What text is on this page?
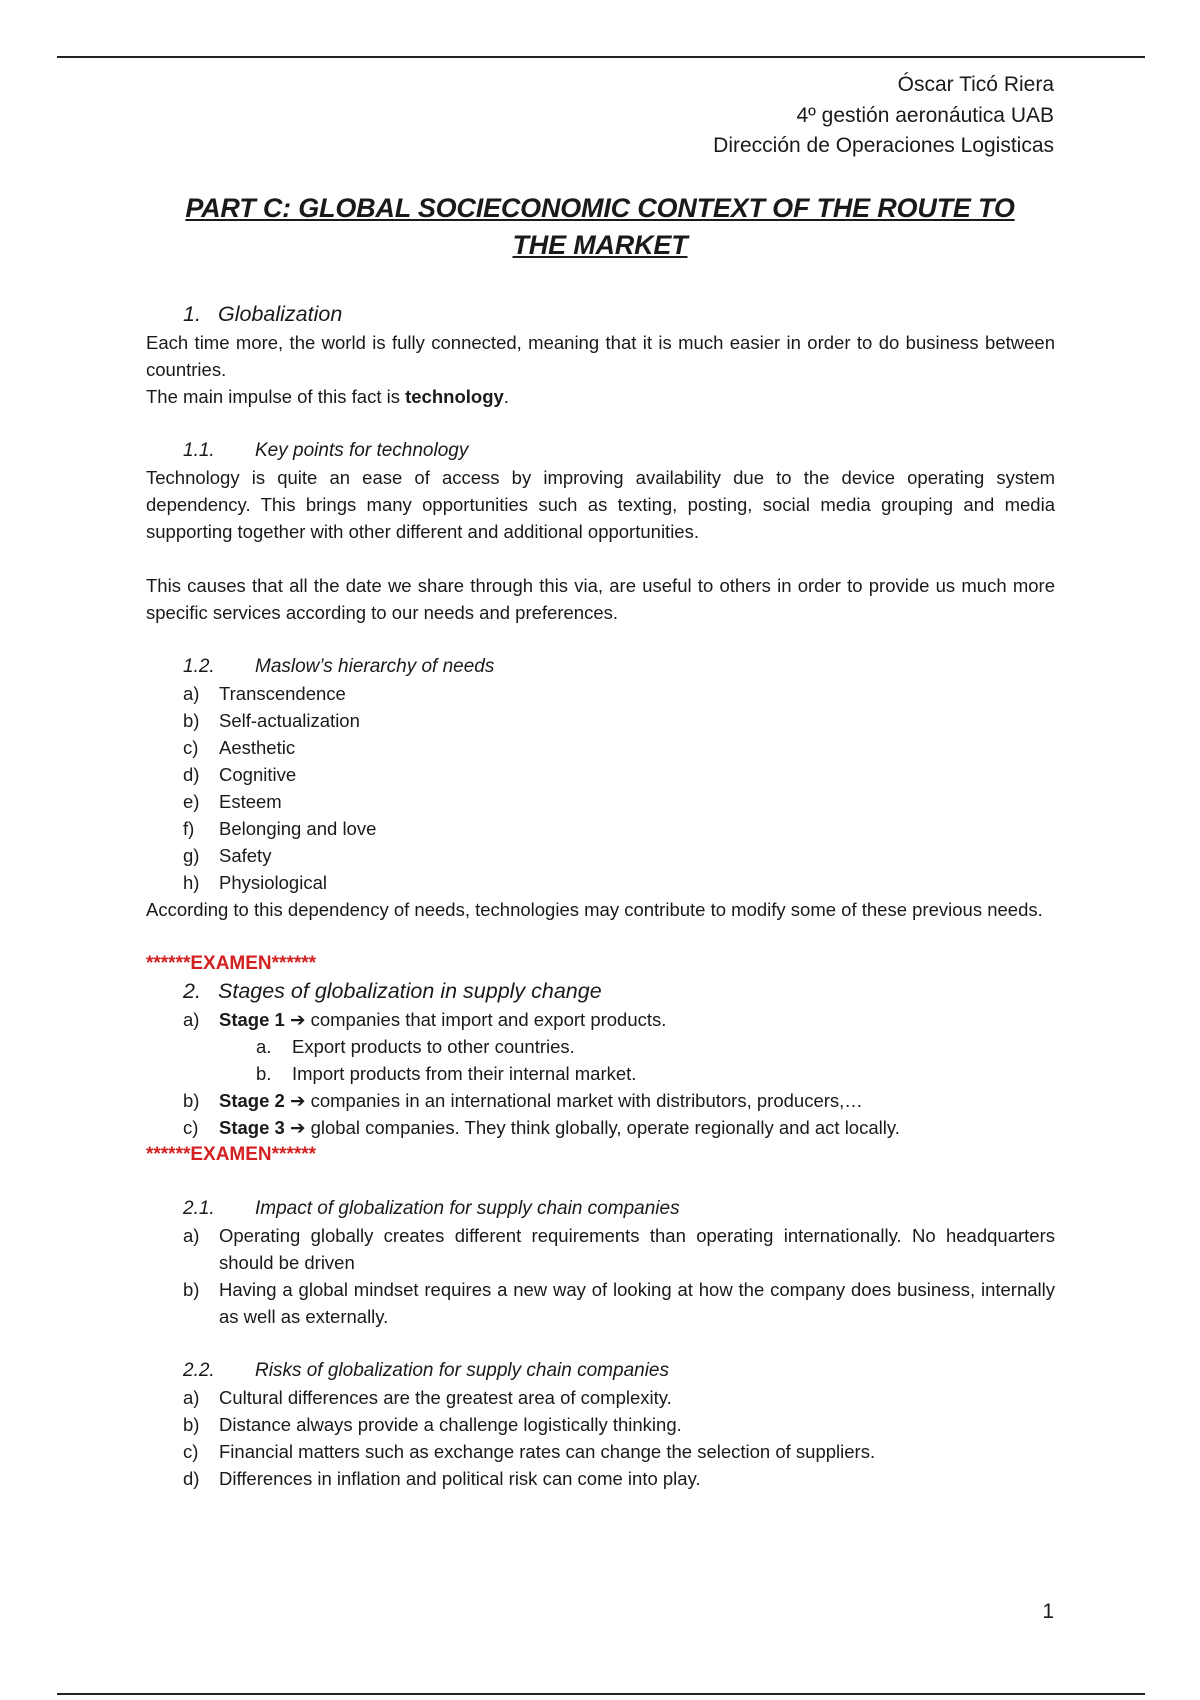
Óscar Ticó Riera
4º gestión aeronáutica UAB
Dirección de Operaciones Logisticas
PART C: GLOBAL SOCIECONOMIC CONTEXT OF THE ROUTE TO
THE MARKET
1. Globalization

Each time more, the world is fully connected, meaning that it is much easier in order to do business between countries.

The main impulse of this fact is technology.

1.1. Key points for technology

Technology is quite an ease of access by improving availability due to the device operating system dependency. This brings many opportunities such as texting, posting, social media grouping and media supporting together with other different and additional opportunities.

This causes that all the date we share through this via, are useful to others in order to provide us much more specific services according to our needs and preferences.

1.2. Maslow’s hierarchy of needs
a)	Transcendence
b)	Self-actualization
c)	Aesthetic
d)	Cognitive
e)	Esteem
f)	Belonging and love
g)	Safety
h)	Physiological

According to this dependency of needs, technologies may contribute to modify some of these previous needs.

******EXAMEN******
2. Stages of globalization in supply change
a)	Stage 1 ➔ companies that import and export products.
a.	Export products to other countries.
b.	Import products from their internal market.
b)	Stage 2 ➔ companies in an international market with distributors, producers,…
c)	Stage 3 ➔ global companies. They think globally, operate regionally and act locally.
******EXAMEN******
2.1. Impact of globalization for supply chain companies
a)	Operating globally creates different requirements than operating internationally. No headquarters should be driven
b)	Having a global mindset requires a new way of looking at how the company does business, internally as well as externally.
2.2. Risks of globalization for supply chain companies
a)	Cultural differences are the greatest area of complexity.
b)	Distance always provide a challenge logistically thinking.
c)	Financial matters such as exchange rates can change the selection of suppliers.
d)	Differences in inflation and political risk can come into play.
1
